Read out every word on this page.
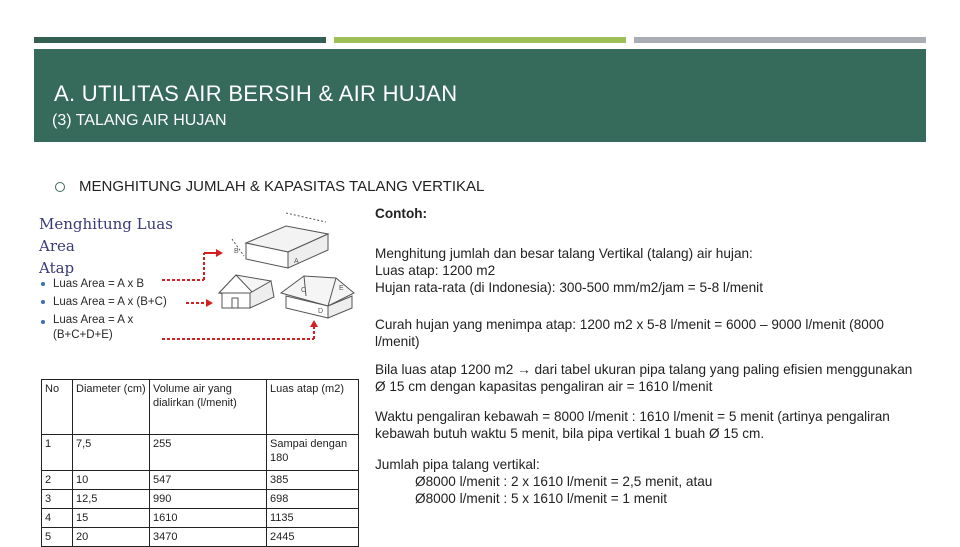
A. UTILITAS AIR BERSIH & AIR HUJAN
(3) TALANG AIR HUJAN
MENGHITUNG JUMLAH & KAPASITAS TALANG VERTIKAL
Menghitung Luas Area
Atap
Luas Area = A x B
Luas Area = A x (B+C)
Luas Area = A x
(B+C+D+E)
A
B
C
D
E
Contoh:
Menghitung jumlah dan besar talang Vertikal (talang) air hujan:
Luas atap: 1200 m2
Hujan rata-rata (di Indonesia): 300-500 mm/m2/jam = 5-8 l/menit
Curah hujan yang menimpa atap: 1200 m2 x 5-8 l/menit = 6000 – 9000 l/menit (8000 l/menit)
Bila luas atap 1200 m2 → dari tabel ukuran pipa talang yang paling efisien menggunakan Ø 15 cm dengan kapasitas pengaliran air = 1610 l/menit
Waktu pengaliran kebawah = 8000 l/menit : 1610 l/menit = 5 menit (artinya pengaliran kebawah butuh waktu 5 menit, bila pipa vertikal 1 buah Ø 15 cm.
Jumlah pipa talang vertikal:
Ø8000 l/menit : 2 x 1610 l/menit = 2,5 menit, atau
Ø8000 l/menit : 5 x 1610 l/menit = 1 menit
No	Diameter (cm)	Volume air yang dialirkan (l/menit)	Luas atap (m2)
1	7,5	255	Sampai dengan 180
2	10	547	385
3	12,5	990	698
4	15	1610	1135
5	20	3470	2445
